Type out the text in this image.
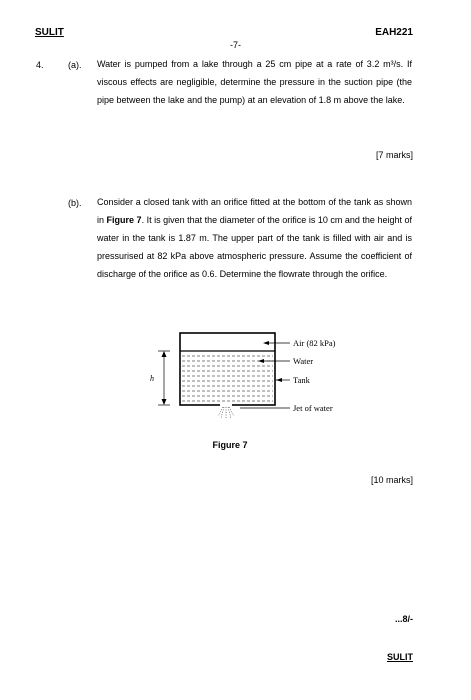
SULIT	EAH221
-7-
4.	(a). Water is pumped from a lake through a 25 cm pipe at a rate of 3.2 m³/s. If viscous effects are negligible, determine the pressure in the suction pipe (the pipe between the lake and the pump) at an elevation of 1.8 m above the lake.
[7 marks]
(b). Consider a closed tank with an orifice fitted at the bottom of the tank as shown in Figure 7. It is given that the diameter of the orifice is 10 cm and the height of water in the tank is 1.87 m. The upper part of the tank is filled with air and is pressurised at 82 kPa above atmospheric pressure. Assume the coefficient of discharge of the orifice as 0.6. Determine the flowrate through the orifice.
h
Air (82 kPa)
Water
Tank
Jet of water
Figure 7
[10 marks]
...8/-
SULIT
